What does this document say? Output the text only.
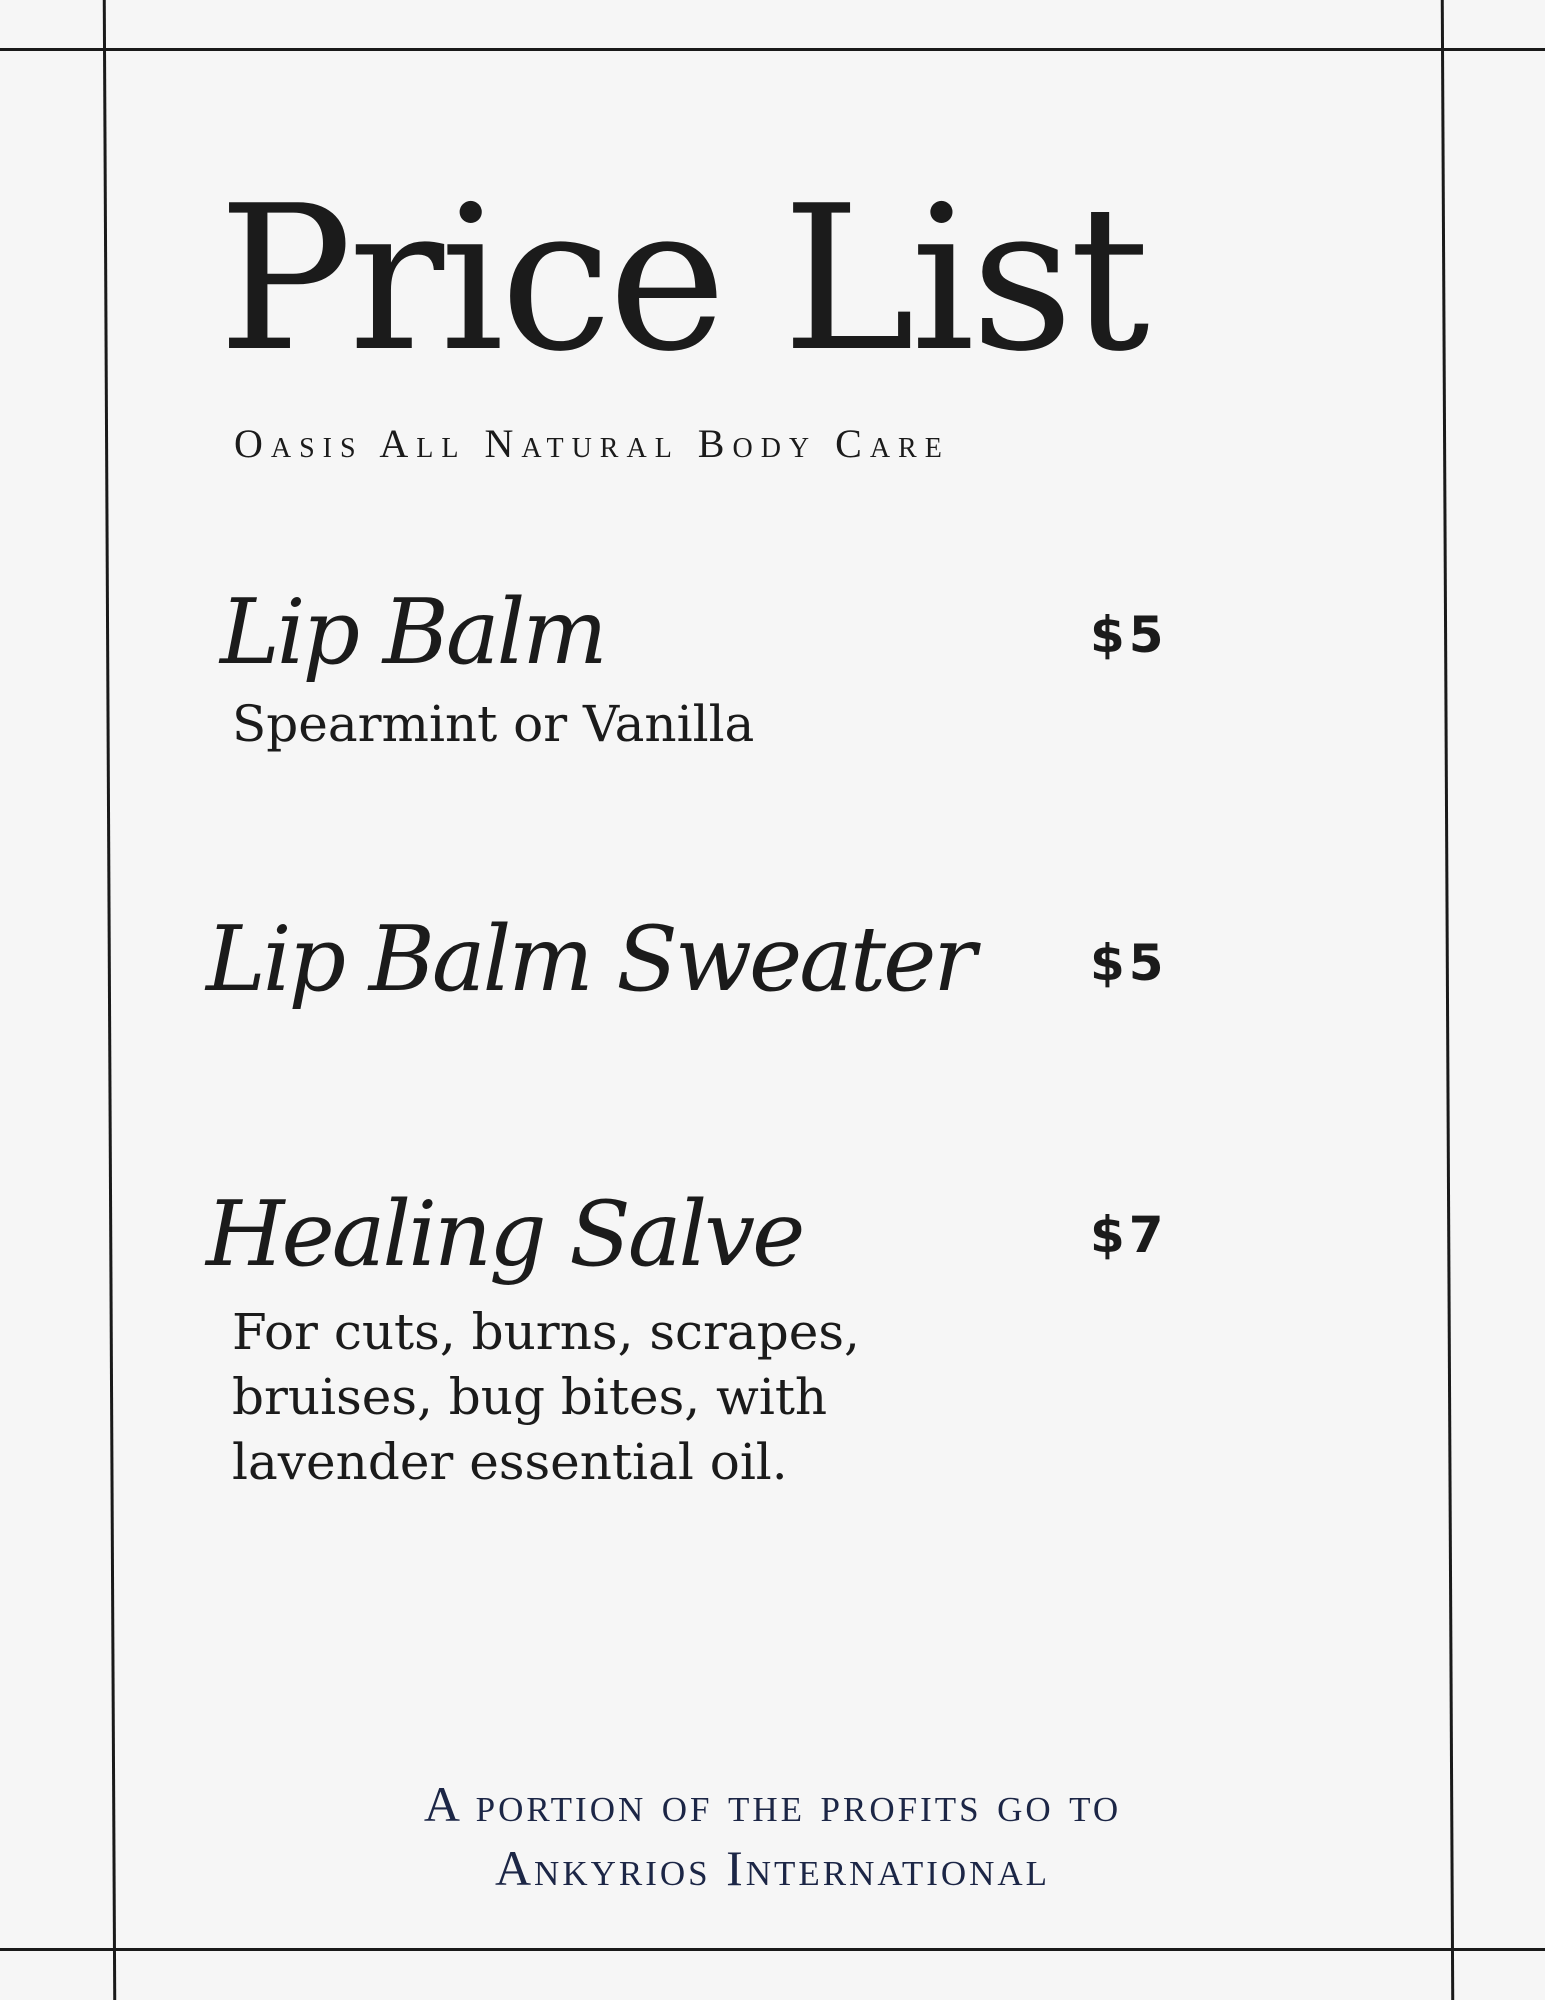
Price List
Oasis All Natural Body Care
Lip Balm	$5
Spearmint or Vanilla
Lip Balm Sweater $5
Healing Salve	$7
For cuts, burns, scrapes,
bruises, bug bites, with
lavender essential oil.
A portion of the profits go to
Ankyrios International
